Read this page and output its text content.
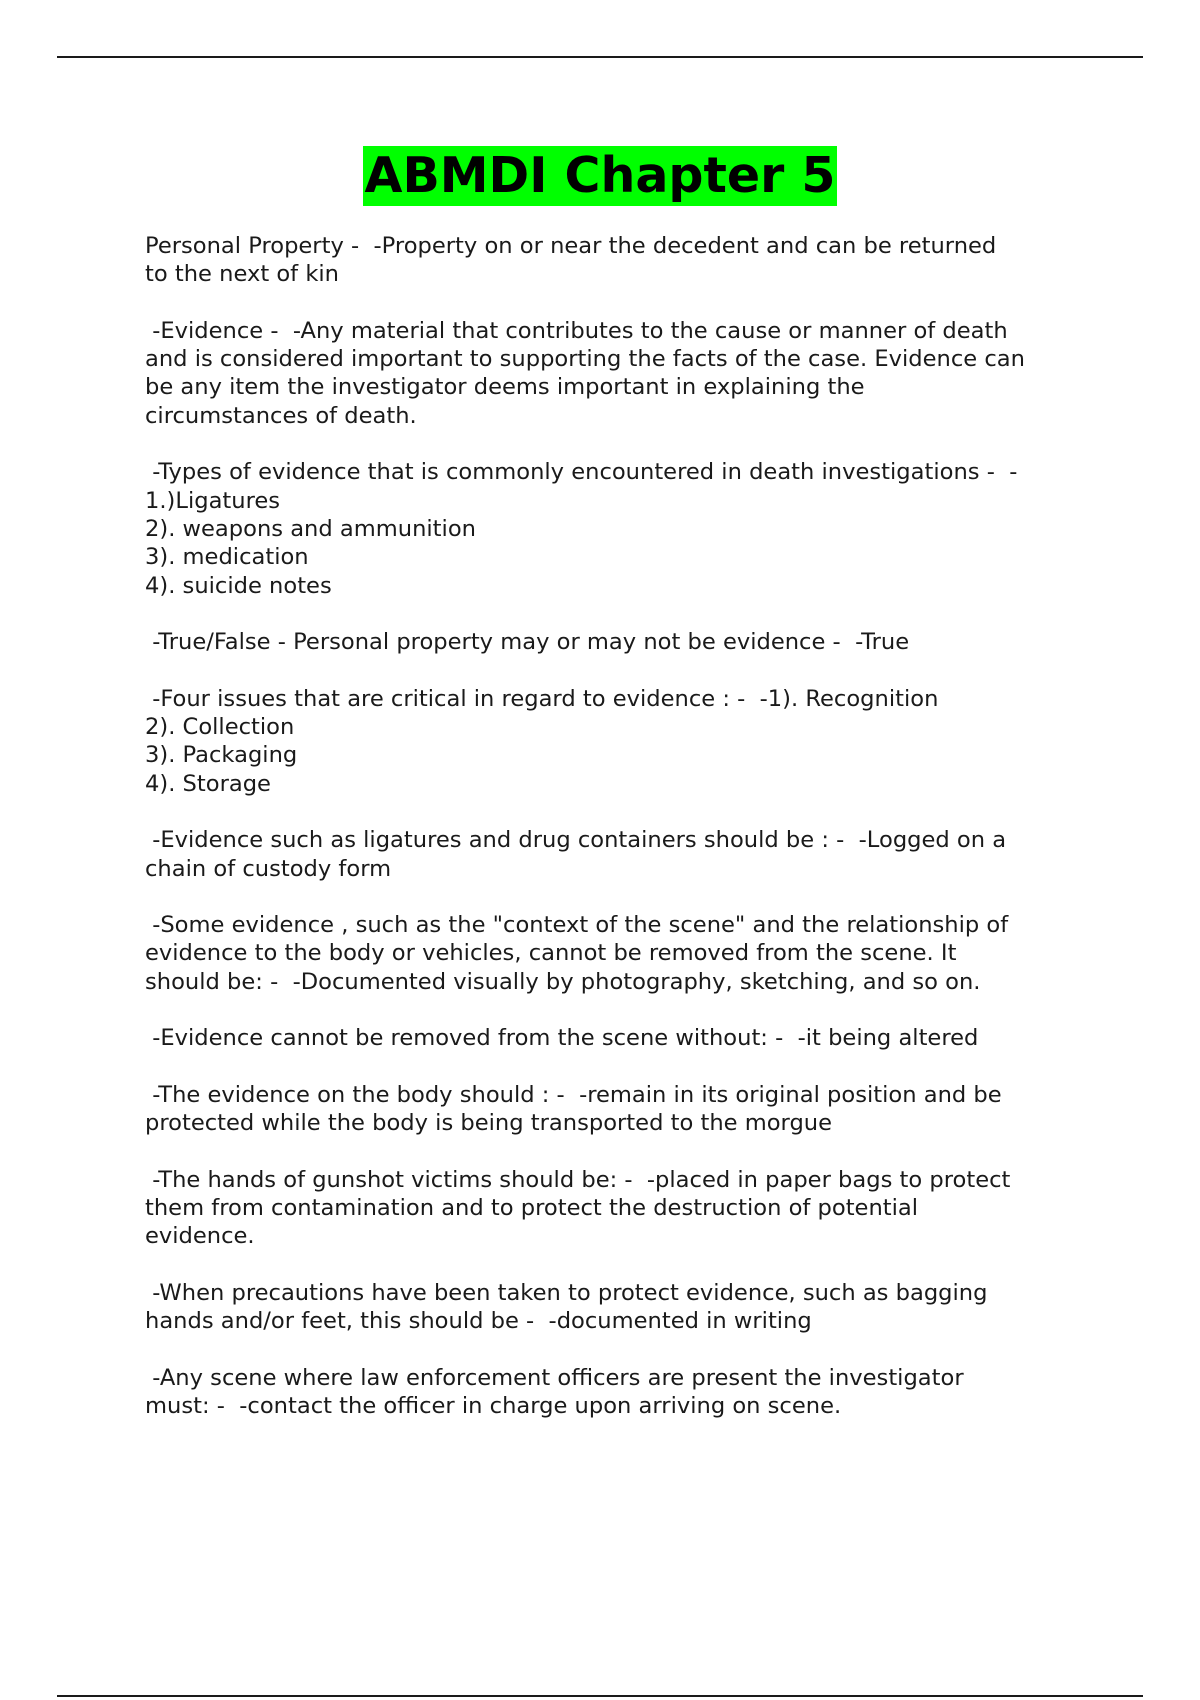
ABMDI Chapter 5
Personal Property -  -Property on or near the decedent and can be returned
to the next of kin
-Evidence -  -Any material that contributes to the cause or manner of death
and is considered important to supporting the facts of the case. Evidence can
be any item the investigator deems important in explaining the
circumstances of death.
-Types of evidence that is commonly encountered in death investigations -  -
1.)Ligatures
2). weapons and ammunition
3). medication
4). suicide notes
-True/False - Personal property may or may not be evidence -  -True
-Four issues that are critical in regard to evidence : -  -1). Recognition
2). Collection
3). Packaging
4). Storage
-Evidence such as ligatures and drug containers should be : -  -Logged on a
chain of custody form
-Some evidence , such as the "context of the scene" and the relationship of
evidence to the body or vehicles, cannot be removed from the scene. It
should be: -  -Documented visually by photography, sketching, and so on.
-Evidence cannot be removed from the scene without: -  -it being altered
-The evidence on the body should : -  -remain in its original position and be
protected while the body is being transported to the morgue
-The hands of gunshot victims should be: -  -placed in paper bags to protect
them from contamination and to protect the destruction of potential
evidence.
-When precautions have been taken to protect evidence, such as bagging
hands and/or feet, this should be -  -documented in writing
-Any scene where law enforcement officers are present the investigator
must: -  -contact the officer in charge upon arriving on scene.
